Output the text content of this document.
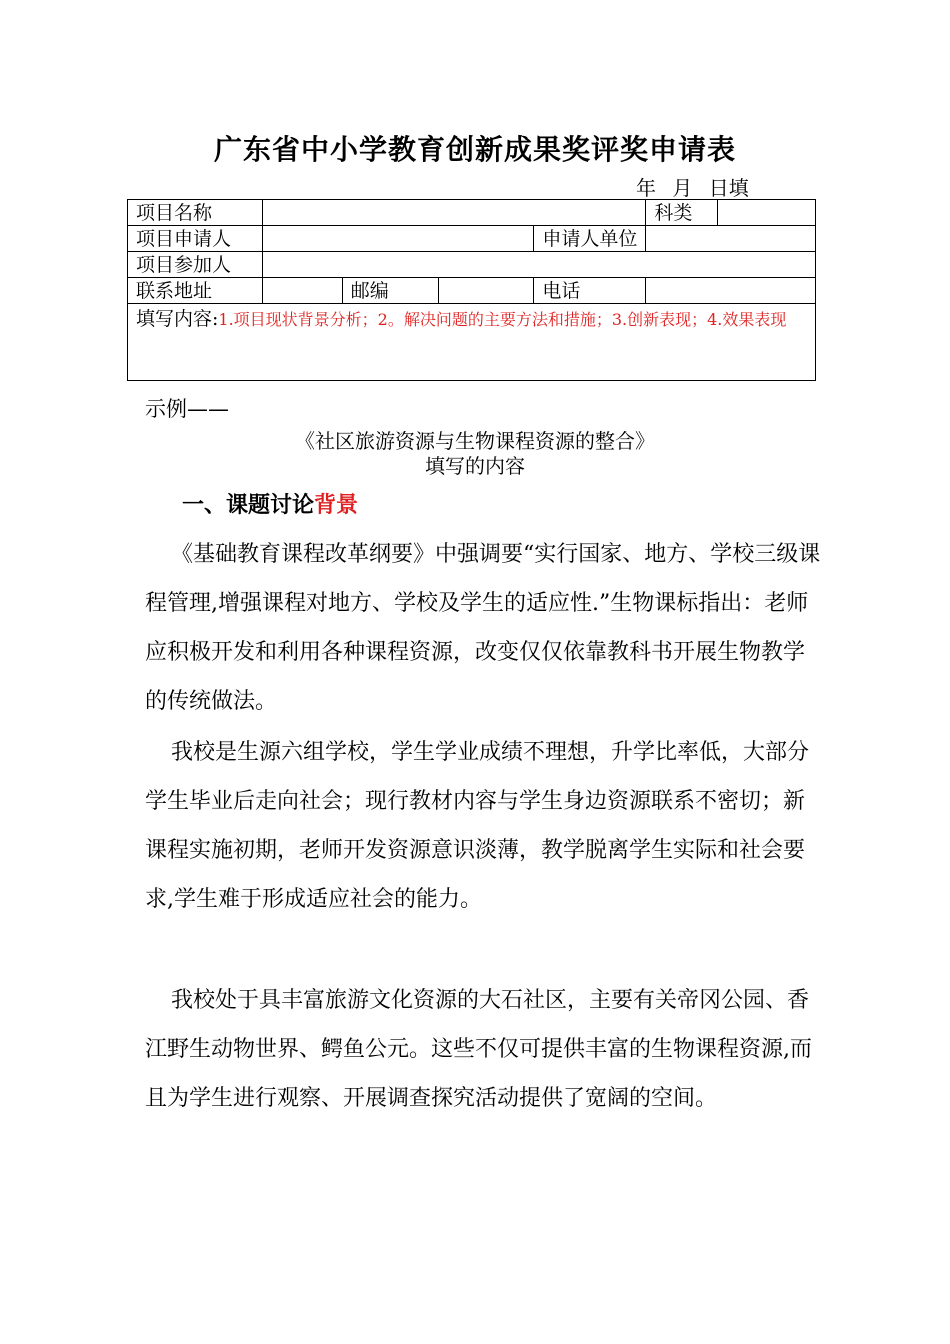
广东省中小学教育创新成果奖评奖申请表
年 月 日填
项目名称					科类	
项目申请人				申请人单位		
项目参加人						
联系地址		邮编		电话		
填写内容:1.项目现状背景分析；2。解决问题的主要方法和措施；3.创新表现；4.效果表现						
示例——
《社区旅游资源与生物课程资源的整合》
填写的内容
一、课题讨论背景

《基础教育课程改革纲要》中强调要“实行国家、地方、学校三级课程管理,增强课程对地方、学校及学生的适应性.”生物课标指出：老师应积极开发和利用各种课程资源，改变仅仅依靠教科书开展生物教学的传统做法。

我校是生源六组学校，学生学业成绩不理想，升学比率低，大部分学生毕业后走向社会；现行教材内容与学生身边资源联系不密切；新课程实施初期，老师开发资源意识淡薄，教学脱离学生实际和社会要求,学生难于形成适应社会的能力。

我校处于具丰富旅游文化资源的大石社区，主要有关帝冈公园、香江野生动物世界、鳄鱼公元。这些不仅可提供丰富的生物课程资源,而且为学生进行观察、开展调查探究活动提供了宽阔的空间。
